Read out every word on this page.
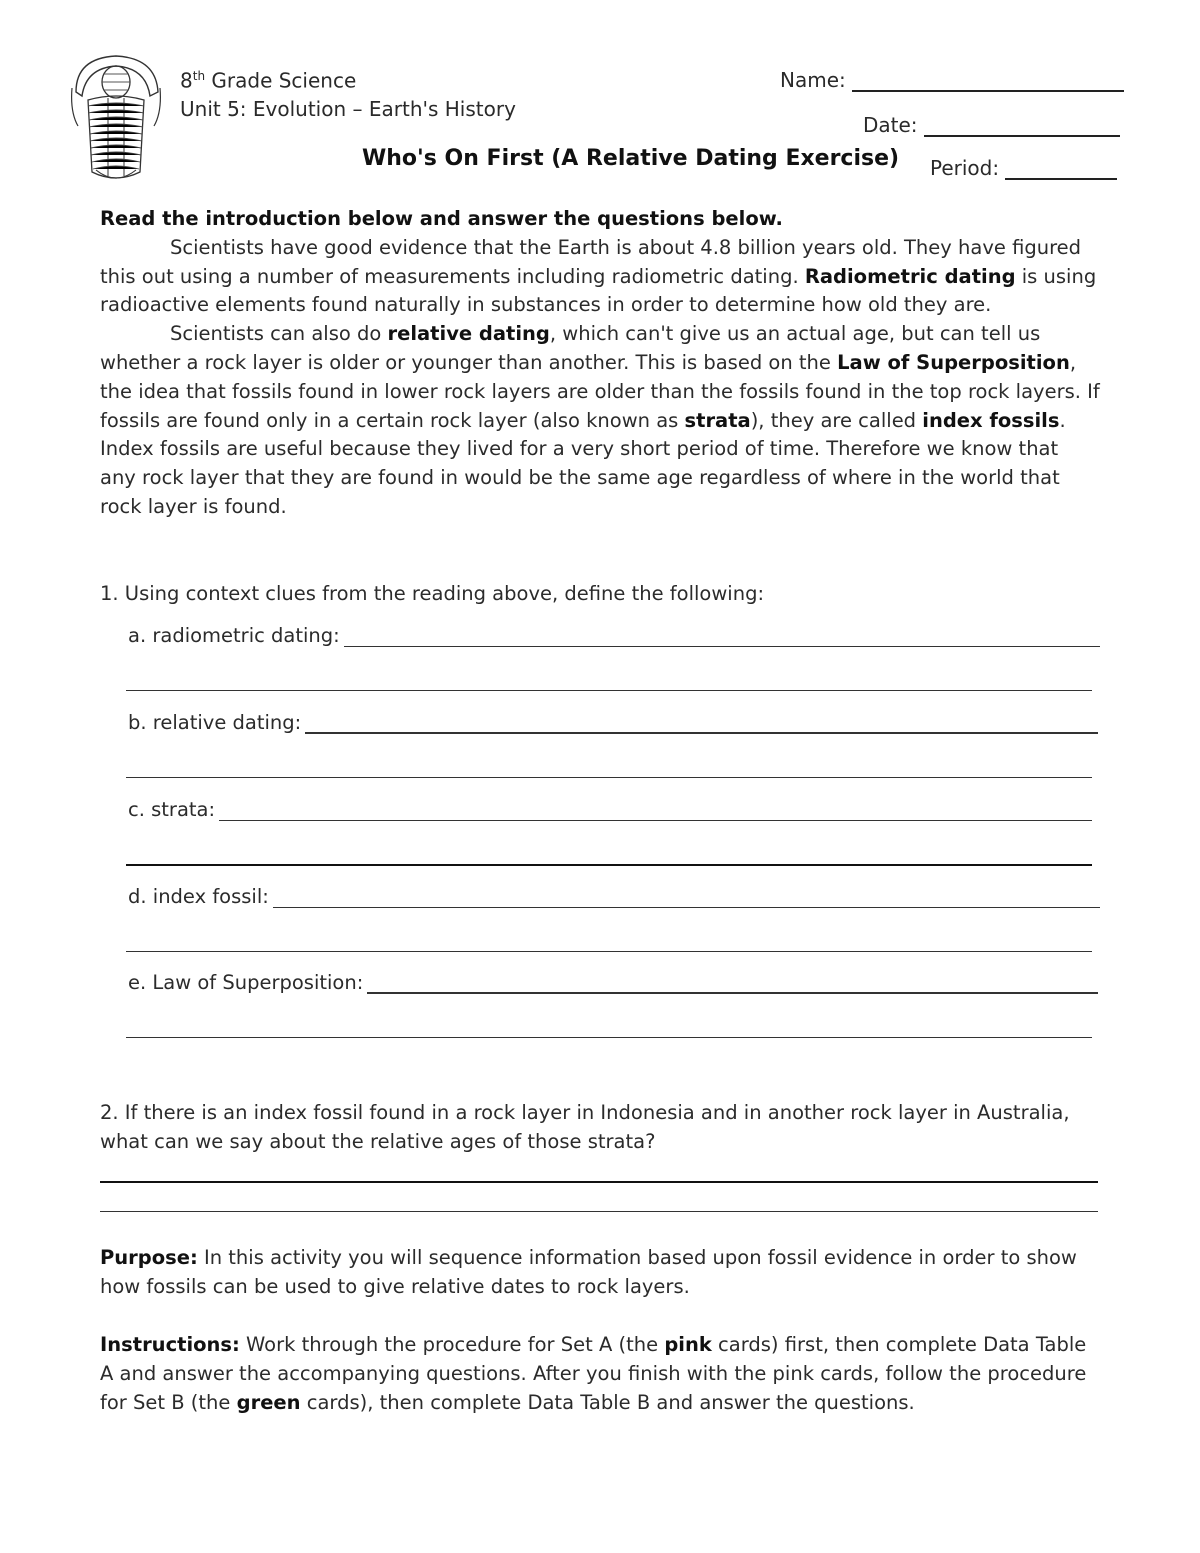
8th Grade Science
Unit 5: Evolution – Earth's History
Name:
Date:
Who's On First (A Relative Dating Exercise) Period:
Read the introduction below and answer the questions below.
Scientists have good evidence that the Earth is about 4.8 billion years old. They have figured this out using a number of measurements including radiometric dating. Radiometric dating is using radioactive elements found naturally in substances in order to determine how old they are.
Scientists can also do relative dating, which can't give us an actual age, but can tell us whether a rock layer is older or younger than another. This is based on the Law of Superposition, the idea that fossils found in lower rock layers are older than the fossils found in the top rock layers. If fossils are found only in a certain rock layer (also known as strata), they are called index fossils. Index fossils are useful because they lived for a very short period of time. Therefore we know that any rock layer that they are found in would be the same age regardless of where in the world that rock layer is found.
1. Using context clues from the reading above, define the following:
a. radiometric dating:
b. relative dating:
c. strata:
d. index fossil:
e. Law of Superposition:
2. If there is an index fossil found in a rock layer in Indonesia and in another rock layer in Australia, what can we say about the relative ages of those strata?
Purpose: In this activity you will sequence information based upon fossil evidence in order to show how fossils can be used to give relative dates to rock layers.
Instructions: Work through the procedure for Set A (the pink cards) first, then complete Data Table A and answer the accompanying questions. After you finish with the pink cards, follow the procedure for Set B (the green cards), then complete Data Table B and answer the questions.
